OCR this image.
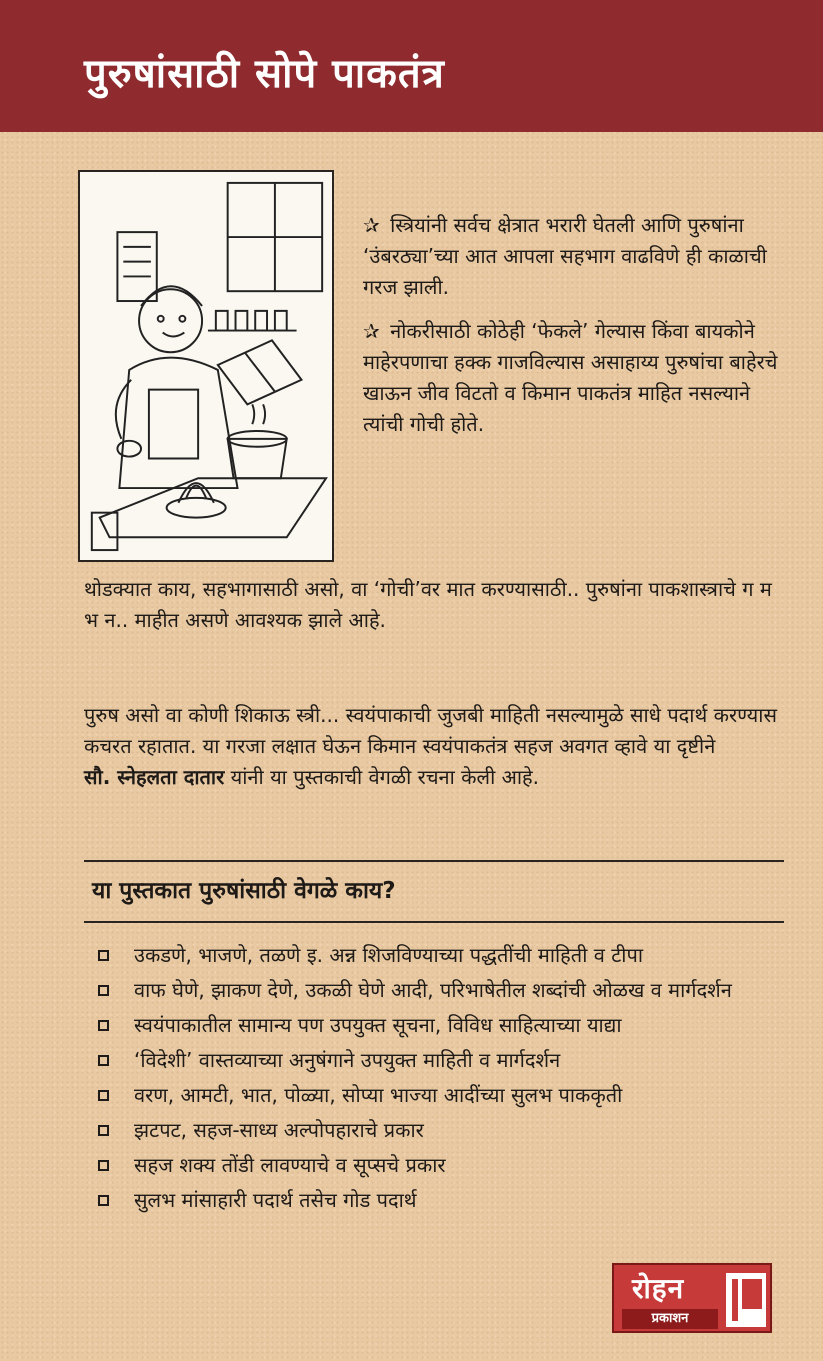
पुरुषांसाठी सोपे पाकतंत्र

✰ स्त्रियांनी सर्वच क्षेत्रात भरारी घेतली आणि पुरुषांना ‘उंबरठ्या’च्या आत आपला सहभाग वाढविणे ही काळाची गरज झाली.

✰ नोकरीसाठी कोठेही ‘फेकले’ गेल्यास किंवा बायकोने माहेरपणाचा हक्क गाजविल्यास असाहाय्य पुरुषांचा बाहेरचे खाऊन जीव विटतो व किमान पाकतंत्र माहित नसल्याने त्यांची गोची होते.

थोडक्यात काय, सहभागासाठी असो, वा ‘गोची’वर मात करण्यासाठी.. पुरुषांना पाकशास्त्राचे ग म भ न.. माहीत असणे आवश्यक झाले आहे.

पुरुष असो वा कोणी शिकाऊ स्त्री... स्वयंपाकाची जुजबी माहिती नसल्यामुळे साधे पदार्थ करण्यास कचरत रहातात. या गरजा लक्षात घेऊन किमान स्वयंपाकतंत्र सहज अवगत व्हावे या दृष्टीने
सौ. स्नेहलता दातार यांनी या पुस्तकाची वेगळी रचना केली आहे.

या पुस्तकात पुरुषांसाठी वेगळे काय?
उकडणे, भाजणे, तळणे इ. अन्न शिजविण्याच्या पद्धतींची माहिती व टीपा
वाफ घेणे, झाकण देणे, उकळी घेणे आदी, परिभाषेतील शब्दांची ओळख व मार्गदर्शन
स्वयंपाकातील सामान्य पण उपयुक्त सूचना, विविध साहित्याच्या याद्या
‘विदेशी’ वास्तव्याच्या अनुषंगाने उपयुक्त माहिती व मार्गदर्शन
वरण, आमटी, भात, पोळ्या, सोप्या भाज्या आदींच्या सुलभ पाककृती
झटपट, सहज-साध्य अल्पोपहाराचे प्रकार
सहज शक्य तोंडी लावण्याचे व सूप्सचे प्रकार
सुलभ मांसाहारी पदार्थ तसेच गोड पदार्थ
रोहन
प्रकाशन
